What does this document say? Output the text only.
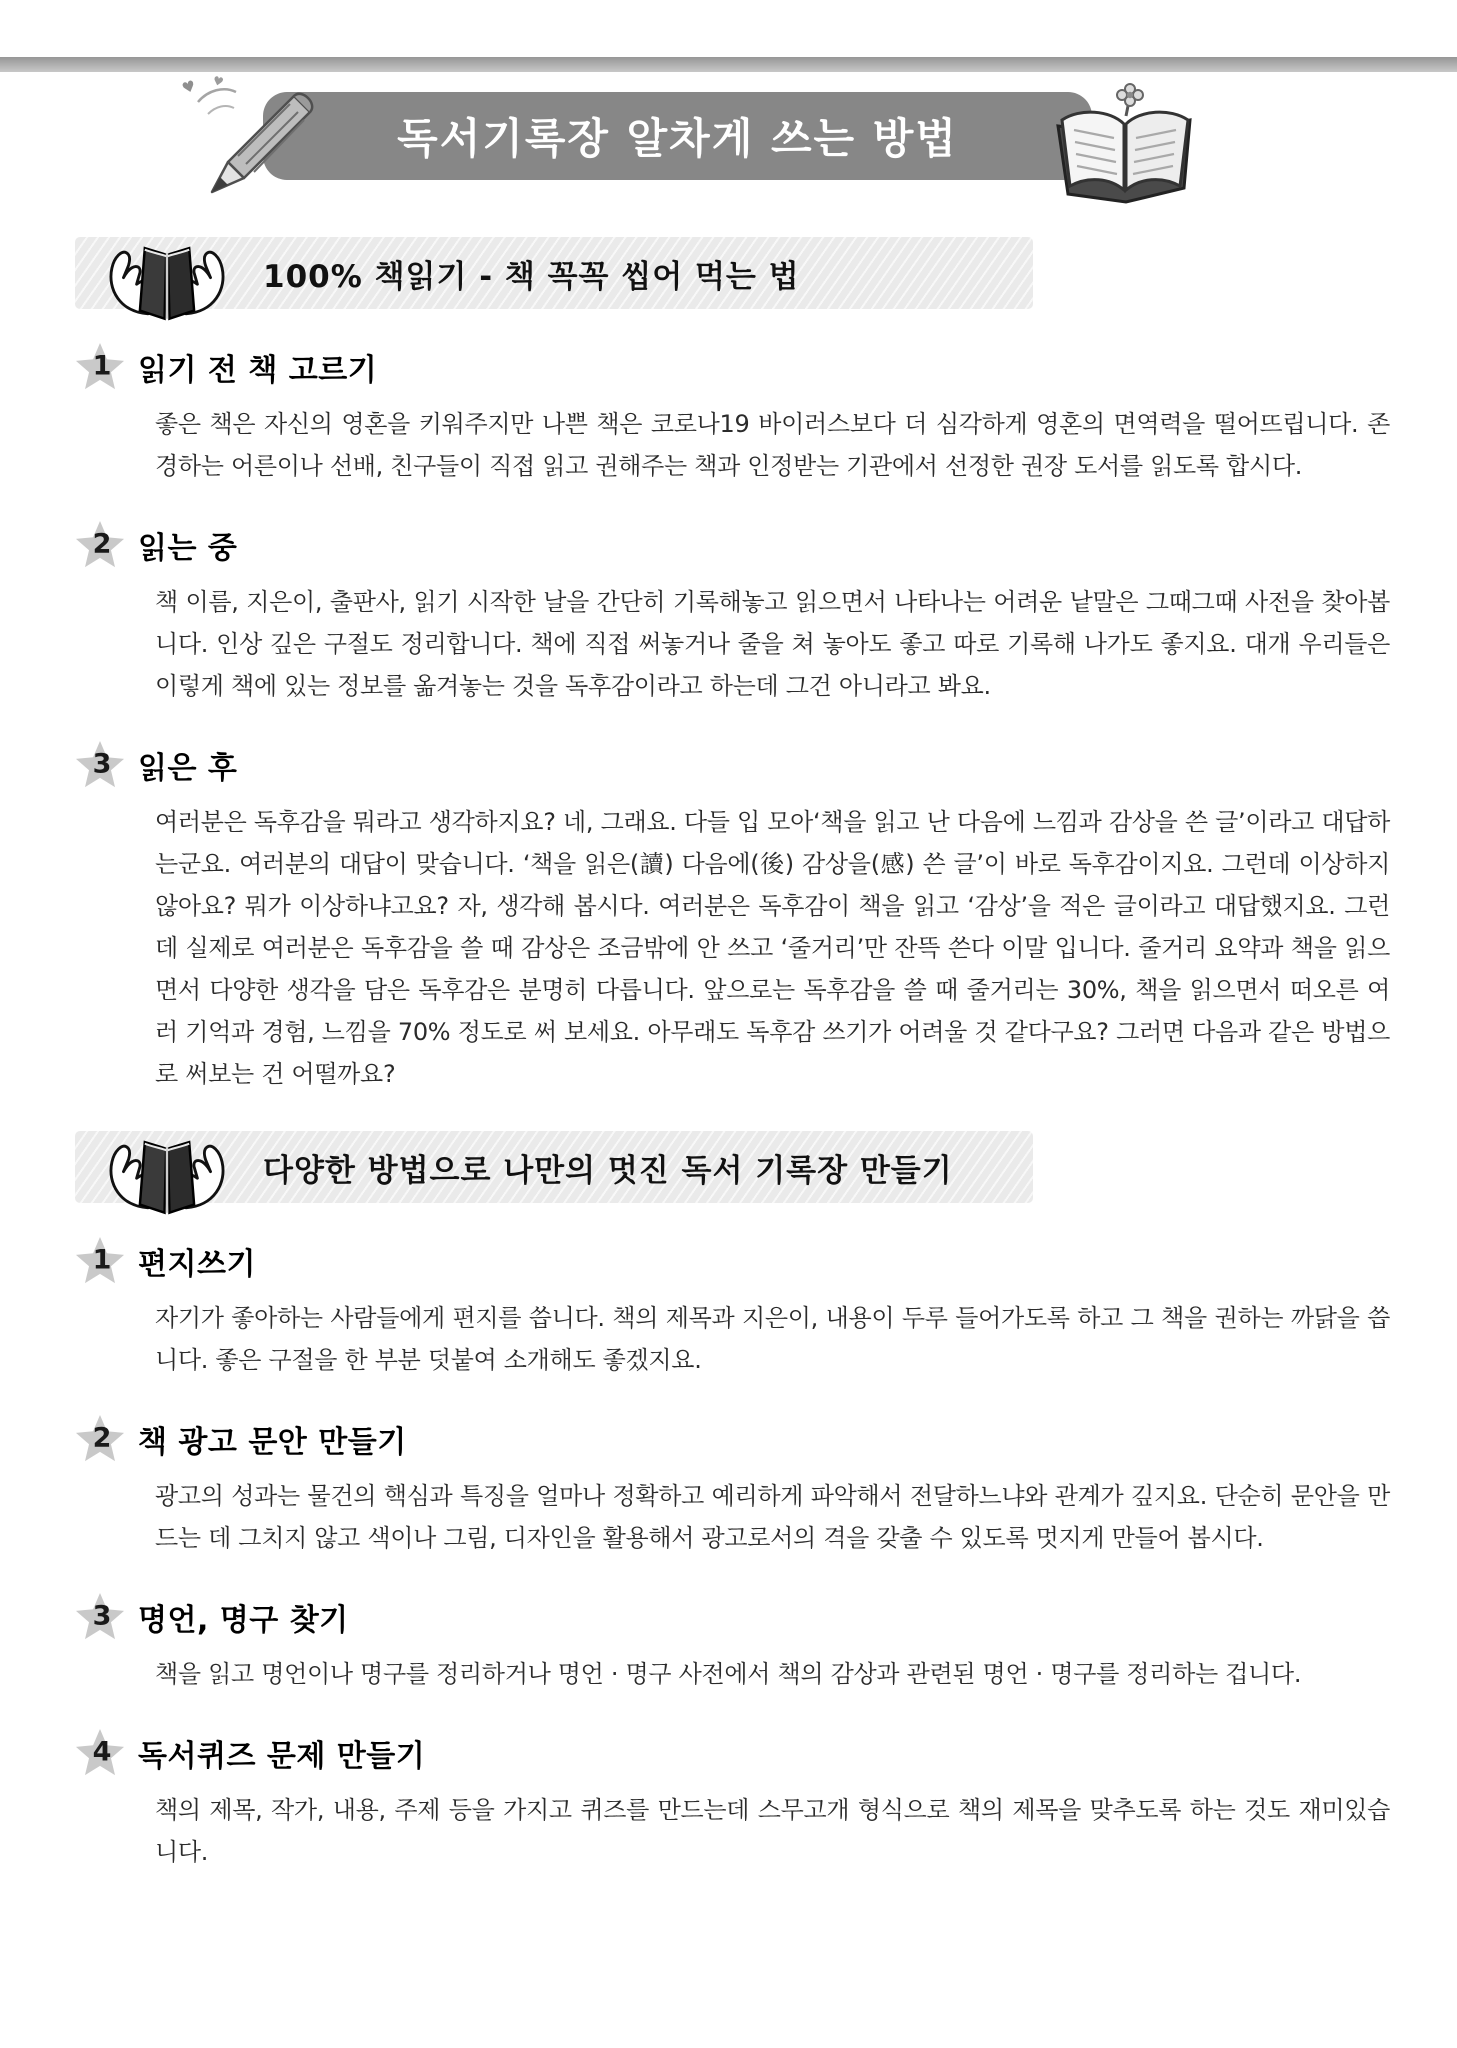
♥ ♥
독서기록장 알차게 쓰는 방법
100% 책읽기 - 책 꼭꼭 씹어 먹는 법
1 읽기 전 책 고르기

좋은 책은 자신의 영혼을 키워주지만 나쁜 책은 코로나19 바이러스보다 더 심각하게 영혼의 면역력을 떨어뜨립니다. 존경하는 어른이나 선배, 친구들이 직접 읽고 권해주는 책과 인정받는 기관에서 선정한 권장 도서를 읽도록 합시다.

2 읽는 중

책 이름, 지은이, 출판사, 읽기 시작한 날을 간단히 기록해놓고 읽으면서 나타나는 어려운 낱말은 그때그때 사전을 찾아봅니다. 인상 깊은 구절도 정리합니다. 책에 직접 써놓거나 줄을 쳐 놓아도 좋고 따로 기록해 나가도 좋지요. 대개 우리들은 이렇게 책에 있는 정보를 옮겨놓는 것을 독후감이라고 하는데 그건 아니라고 봐요.

3 읽은 후

여러분은 독후감을 뭐라고 생각하지요? 네, 그래요. 다들 입 모아‘책을 읽고 난 다음에 느낌과 감상을 쓴 글’이라고 대답하는군요. 여러분의 대답이 맞습니다. ‘책을 읽은(讀) 다음에(後) 감상을(感) 쓴 글’이 바로 독후감이지요. 그런데 이상하지 않아요? 뭐가 이상하냐고요? 자, 생각해 봅시다. 여러분은 독후감이 책을 읽고 ‘감상’을 적은 글이라고 대답했지요. 그런데 실제로 여러분은 독후감을 쓸 때 감상은 조금밖에 안 쓰고 ‘줄거리’만 잔뜩 쓴다 이말 입니다. 줄거리 요약과 책을 읽으면서 다양한 생각을 담은 독후감은 분명히 다릅니다. 앞으로는 독후감을 쓸 때 줄거리는 30%, 책을 읽으면서 떠오른 여러 기억과 경험, 느낌을 70% 정도로 써 보세요. 아무래도 독후감 쓰기가 어려울 것 같다구요? 그러면 다음과 같은 방법으로 써보는 건 어떨까요?

다양한 방법으로 나만의 멋진 독서 기록장 만들기
1 편지쓰기

자기가 좋아하는 사람들에게 편지를 씁니다. 책의 제목과 지은이, 내용이 두루 들어가도록 하고 그 책을 권하는 까닭을 씁니다. 좋은 구절을 한 부분 덧붙여 소개해도 좋겠지요.

2 책 광고 문안 만들기

광고의 성과는 물건의 핵심과 특징을 얼마나 정확하고 예리하게 파악해서 전달하느냐와 관계가 깊지요. 단순히 문안을 만드는 데 그치지 않고 색이나 그림, 디자인을 활용해서 광고로서의 격을 갖출 수 있도록 멋지게 만들어 봅시다.

3 명언, 명구 찾기

책을 읽고 명언이나 명구를 정리하거나 명언 · 명구 사전에서 책의 감상과 관련된 명언 · 명구를 정리하는 겁니다.

4 독서퀴즈 문제 만들기

책의 제목, 작가, 내용, 주제 등을 가지고 퀴즈를 만드는데 스무고개 형식으로 책의 제목을 맞추도록 하는 것도 재미있습니다.
